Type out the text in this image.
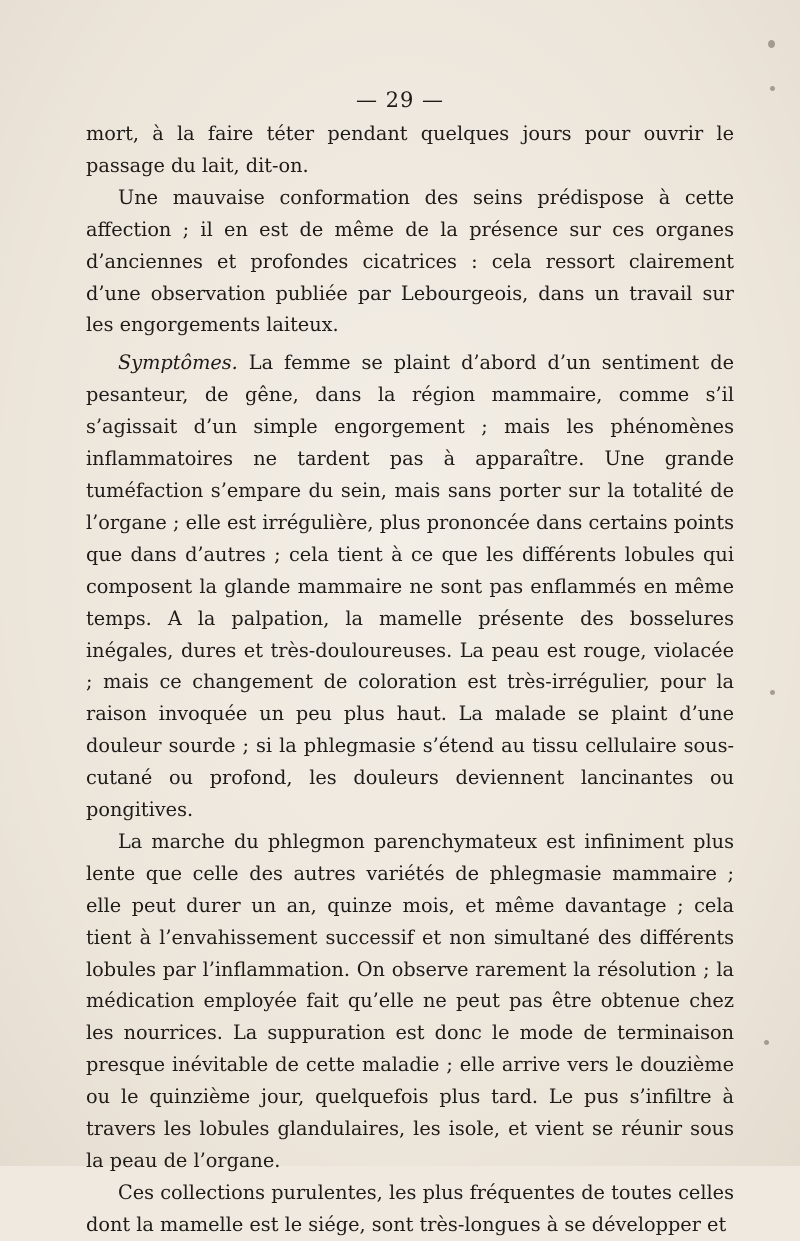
— 29 —

mort, à la faire téter pendant quelques jours pour ouvrir le passage du lait, dit-on.

Une mauvaise conformation des seins prédispose à cette affection ; il en est de même de la présence sur ces organes d’anciennes et profondes cicatrices : cela ressort clairement d’une observation publiée par Lebourgeois, dans un travail sur les engorgements laiteux.

Symptômes. La femme se plaint d’abord d’un sentiment de pesanteur, de gêne, dans la région mammaire, comme s’il s’agissait d’un simple engorgement ; mais les phénomènes inflammatoires ne tardent pas à apparaître. Une grande tuméfaction s’empare du sein, mais sans porter sur la totalité de l’organe ; elle est irrégulière, plus prononcée dans certains points que dans d’autres ; cela tient à ce que les différents lobules qui composent la glande mammaire ne sont pas enflammés en même temps. A la palpation, la mamelle présente des bosselures inégales, dures et très-douloureuses. La peau est rouge, violacée ; mais ce changement de coloration est très-irrégulier, pour la raison invoquée un peu plus haut. La malade se plaint d’une douleur sourde ; si la phlegmasie s’étend au tissu cellulaire sous-cutané ou profond, les douleurs deviennent lancinantes ou pongitives.

La marche du phlegmon parenchymateux est infiniment plus lente que celle des autres variétés de phlegmasie mammaire ; elle peut durer un an, quinze mois, et même davantage ; cela tient à l’envahissement successif et non simultané des différents lobules par l’inflammation. On observe rarement la résolution ; la médication employée fait qu’elle ne peut pas être obtenue chez les nourrices. La suppuration est donc le mode de terminaison presque inévitable de cette maladie ; elle arrive vers le douzième ou le quinzième jour, quelquefois plus tard. Le pus s’infiltre à travers les lobules glandulaires, les isole, et vient se réunir sous la peau de l’organe.

Ces collections purulentes, les plus fréquentes de toutes celles dont la mamelle est le siége, sont très-longues à se développer et
